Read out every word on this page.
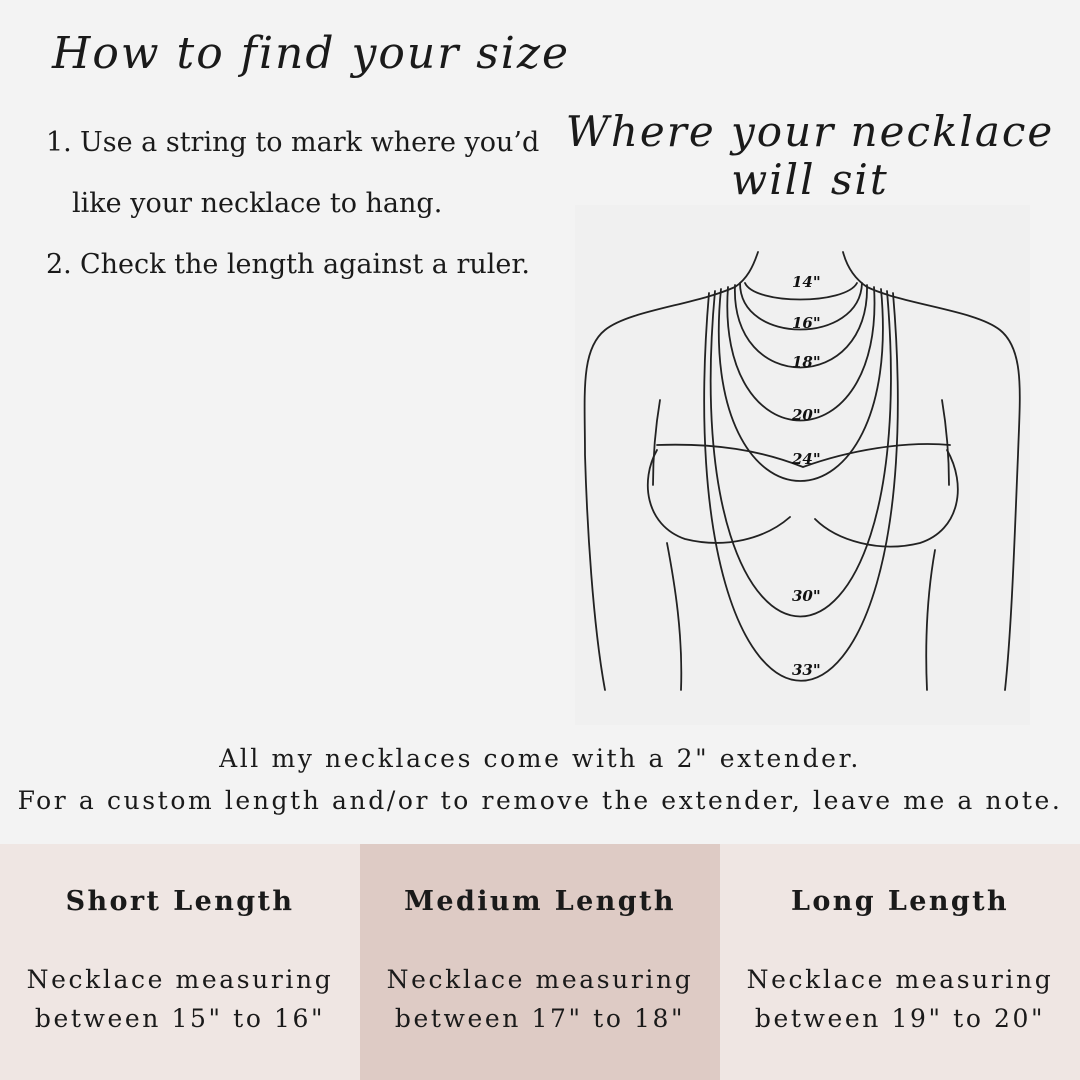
How to find your size
1. Use a string to mark where you’d
like your necklace to hang.
2. Check the length against a ruler.
Where your necklace
will sit
14"
16"
18"
20"
24"
30"
33"
All my necklaces come with a 2" extender.
For a custom length and/or to remove the extender, leave me a note.
Short Length

Necklace measuring
between 15" to 16"

Medium Length

Necklace measuring
between 17" to 18"

Long Length

Necklace measuring
between 19" to 20"
